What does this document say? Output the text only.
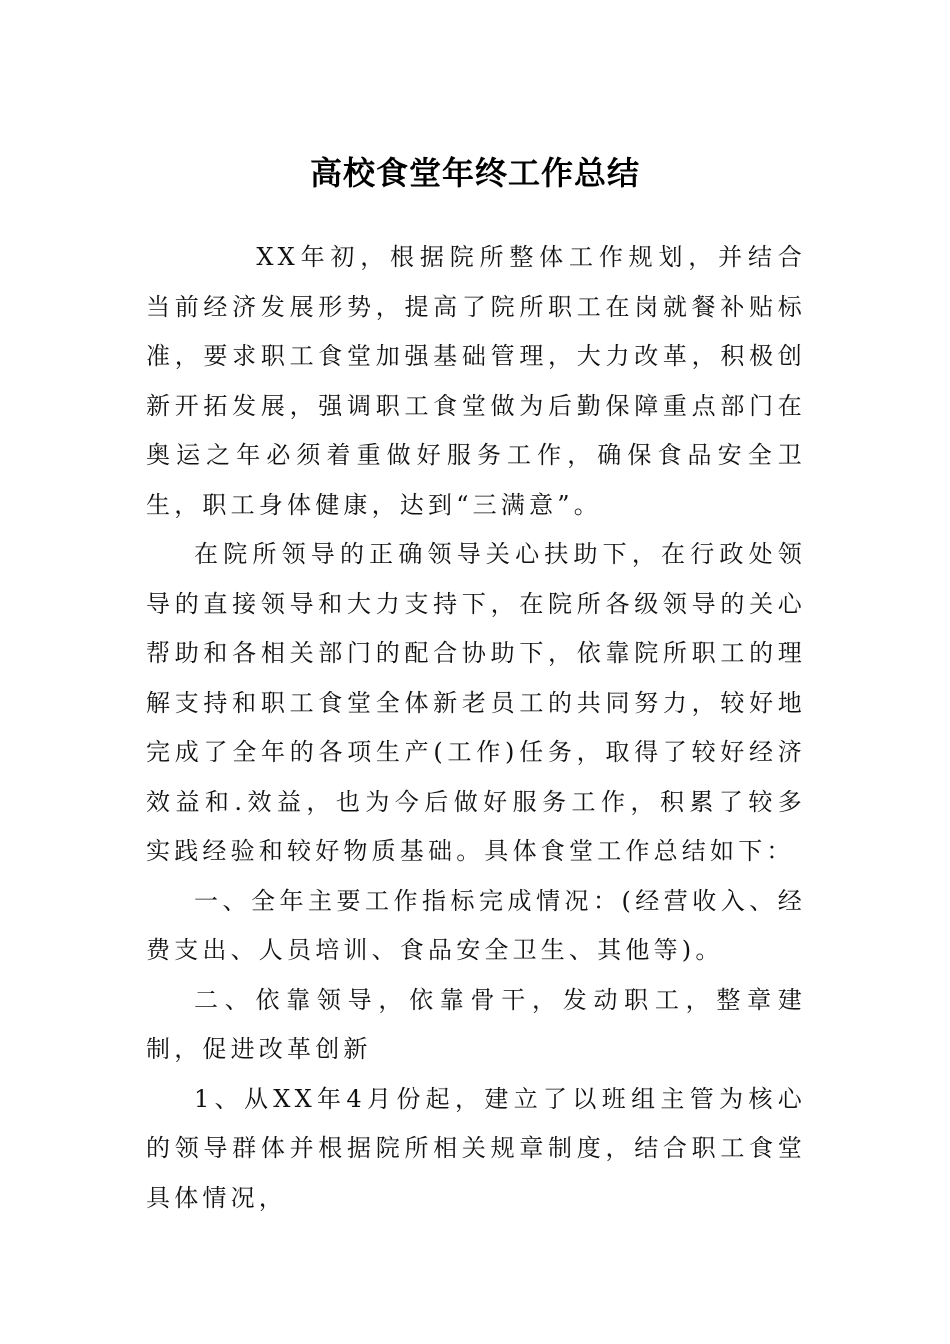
高校食堂年终工作总结

XX年初，根据院所整体工作规划，并结合当前经济发展形势，提高了院所职工在岗就餐补贴标准，要求职工食堂加强基础管理，大力改革，积极创新开拓发展，强调职工食堂做为后勤保障重点部门在奥运之年必须着重做好服务工作，确保食品安全卫生，职工身体健康，达到“三满意”。

在院所领导的正确领导关心扶助下，在行政处领导的直接领导和大力支持下，在院所各级领导的关心帮助和各相关部门的配合协助下，依靠院所职工的理解支持和职工食堂全体新老员工的共同努力，较好地完成了全年的各项生产(工作)任务，取得了较好经济效益和.效益，也为今后做好服务工作，积累了较多实践经验和较好物质基础。具体食堂工作总结如下：

一、全年主要工作指标完成情况：(经营收入、经费支出、人员培训、食品安全卫生、其他等)。

二、依靠领导，依靠骨干，发动职工，整章建制，促进改革创新

1、从XX年4月份起，建立了以班组主管为核心的领导群体并根据院所相关规章制度，结合职工食堂具体情况，
